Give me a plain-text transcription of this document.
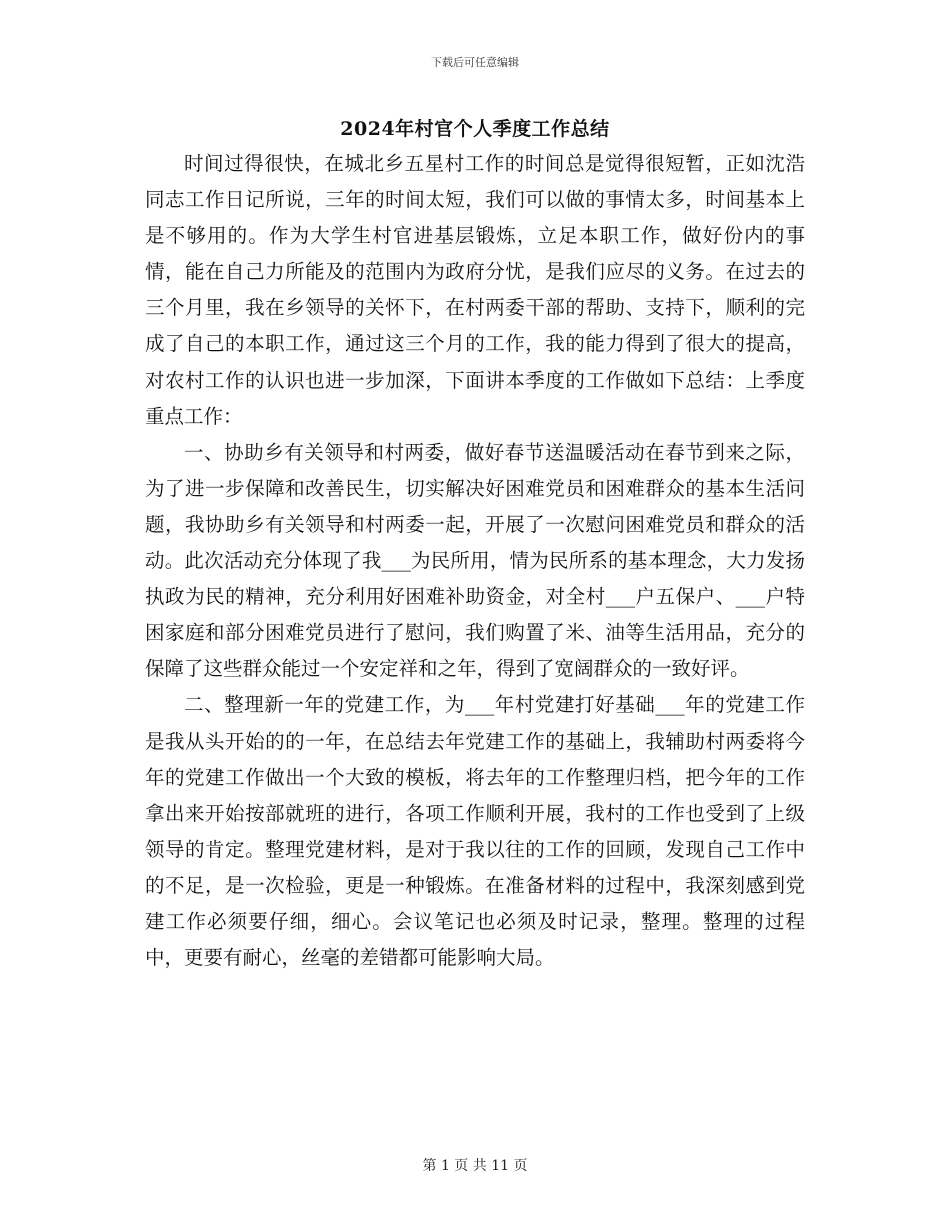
下载后可任意编辑
2024年村官个人季度工作总结

时间过得很快，在城北乡五星村工作的时间总是觉得很短暂，正如沈浩同志工作日记所说，三年的时间太短，我们可以做的事情太多，时间基本上是不够用的。作为大学生村官进基层锻炼，立足本职工作，做好份内的事情，能在自己力所能及的范围内为政府分忧，是我们应尽的义务。在过去的三个月里，我在乡领导的关怀下，在村两委干部的帮助、支持下，顺利的完成了自己的本职工作，通过这三个月的工作，我的能力得到了很大的提高，对农村工作的认识也进一步加深，下面讲本季度的工作做如下总结：上季度重点工作：

一、协助乡有关领导和村两委，做好春节送温暖活动在春节到来之际，为了进一步保障和改善民生，切实解决好困难党员和困难群众的基本生活问题，我协助乡有关领导和村两委一起，开展了一次慰问困难党员和群众的活动。此次活动充分体现了我___为民所用，情为民所系的基本理念，大力发扬执政为民的精神，充分利用好困难补助资金，对全村___户五保户、___户特困家庭和部分困难党员进行了慰问，我们购置了米、油等生活用品，充分的保障了这些群众能过一个安定祥和之年，得到了宽阔群众的一致好评。

二、整理新一年的党建工作，为___年村党建打好基础___年的党建工作是我从头开始的的一年，在总结去年党建工作的基础上，我辅助村两委将今年的党建工作做出一个大致的模板，将去年的工作整理归档，把今年的工作拿出来开始按部就班的进行，各项工作顺利开展，我村的工作也受到了上级领导的肯定。整理党建材料，是对于我以往的工作的回顾，发现自己工作中的不足，是一次检验，更是一种锻炼。在准备材料的过程中，我深刻感到党建工作必须要仔细，细心。会议笔记也必须及时记录，整理。整理的过程中，更要有耐心，丝毫的差错都可能影响大局。

第 1 页 共 11 页
